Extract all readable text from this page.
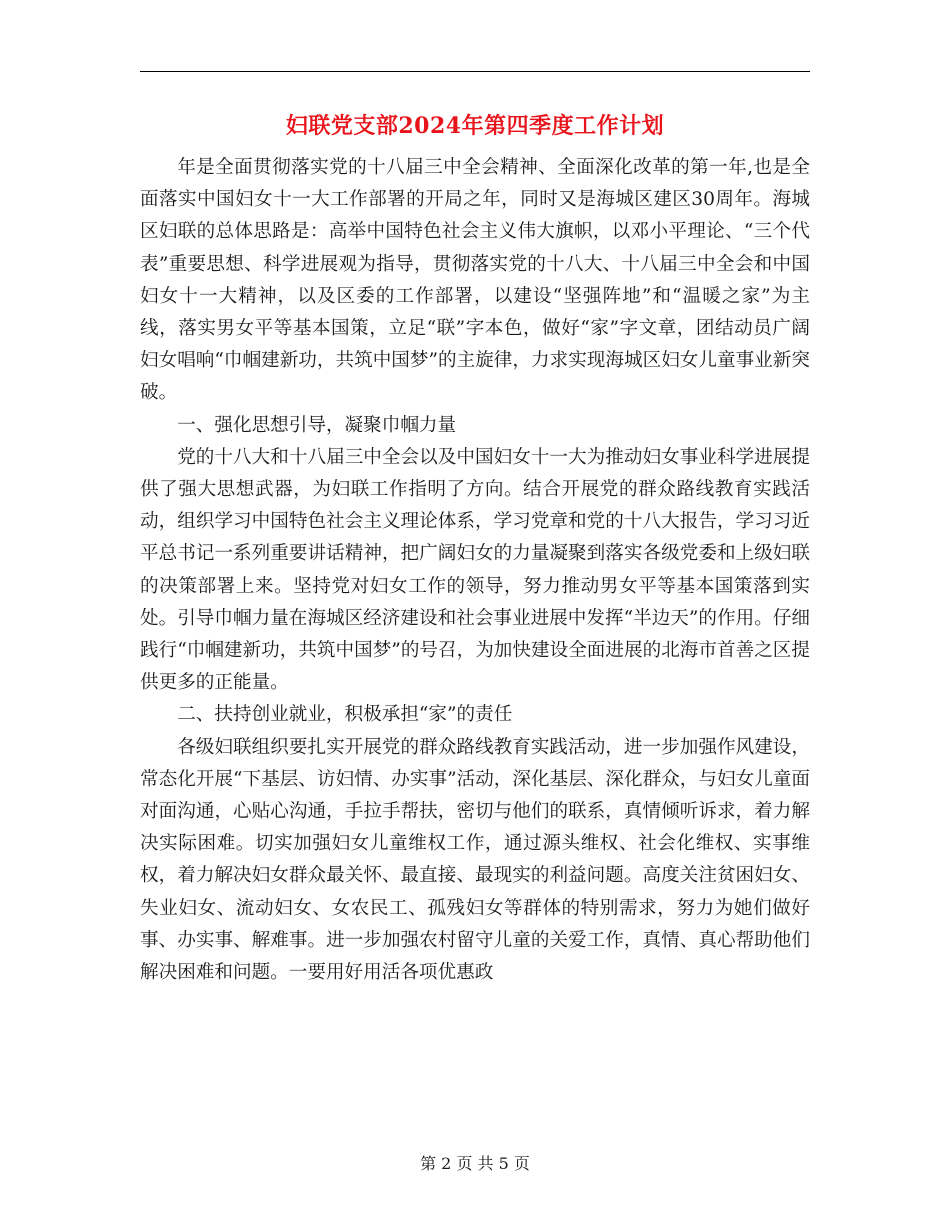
妇联党支部2024年第四季度工作计划

年是全面贯彻落实党的十八届三中全会精神、全面深化改革的第一年,也是全面落实中国妇女十一大工作部署的开局之年，同时又是海城区建区30周年。海城区妇联的总体思路是：高举中国特色社会主义伟大旗帜，以邓小平理论、“三个代表”重要思想、科学进展观为指导，贯彻落实党的十八大、十八届三中全会和中国妇女十一大精神，以及区委的工作部署，以建设“坚强阵地”和“温暖之家”为主线，落实男女平等基本国策，立足“联”字本色，做好“家”字文章，团结动员广阔妇女唱响“巾帼建新功，共筑中国梦”的主旋律，力求实现海城区妇女儿童事业新突破。

一、强化思想引导，凝聚巾帼力量

党的十八大和十八届三中全会以及中国妇女十一大为推动妇女事业科学进展提供了强大思想武器，为妇联工作指明了方向。结合开展党的群众路线教育实践活动，组织学习中国特色社会主义理论体系，学习党章和党的十八大报告，学习习近平总书记一系列重要讲话精神，把广阔妇女的力量凝聚到落实各级党委和上级妇联的决策部署上来。坚持党对妇女工作的领导，努力推动男女平等基本国策落到实处。引导巾帼力量在海城区经济建设和社会事业进展中发挥“半边天”的作用。仔细践行“巾帼建新功，共筑中国梦”的号召，为加快建设全面进展的北海市首善之区提供更多的正能量。

二、扶持创业就业，积极承担“家”的责任

各级妇联组织要扎实开展党的群众路线教育实践活动，进一步加强作风建设，常态化开展“下基层、访妇情、办实事”活动，深化基层、深化群众，与妇女儿童面对面沟通，心贴心沟通，手拉手帮扶，密切与他们的联系，真情倾听诉求，着力解决实际困难。切实加强妇女儿童维权工作，通过源头维权、社会化维权、实事维权，着力解决妇女群众最关怀、最直接、最现实的利益问题。高度关注贫困妇女、失业妇女、流动妇女、女农民工、孤残妇女等群体的特别需求，努力为她们做好事、办实事、解难事。进一步加强农村留守儿童的关爱工作，真情、真心帮助他们解决困难和问题。一要用好用活各项优惠政

第 2 页 共 5 页
